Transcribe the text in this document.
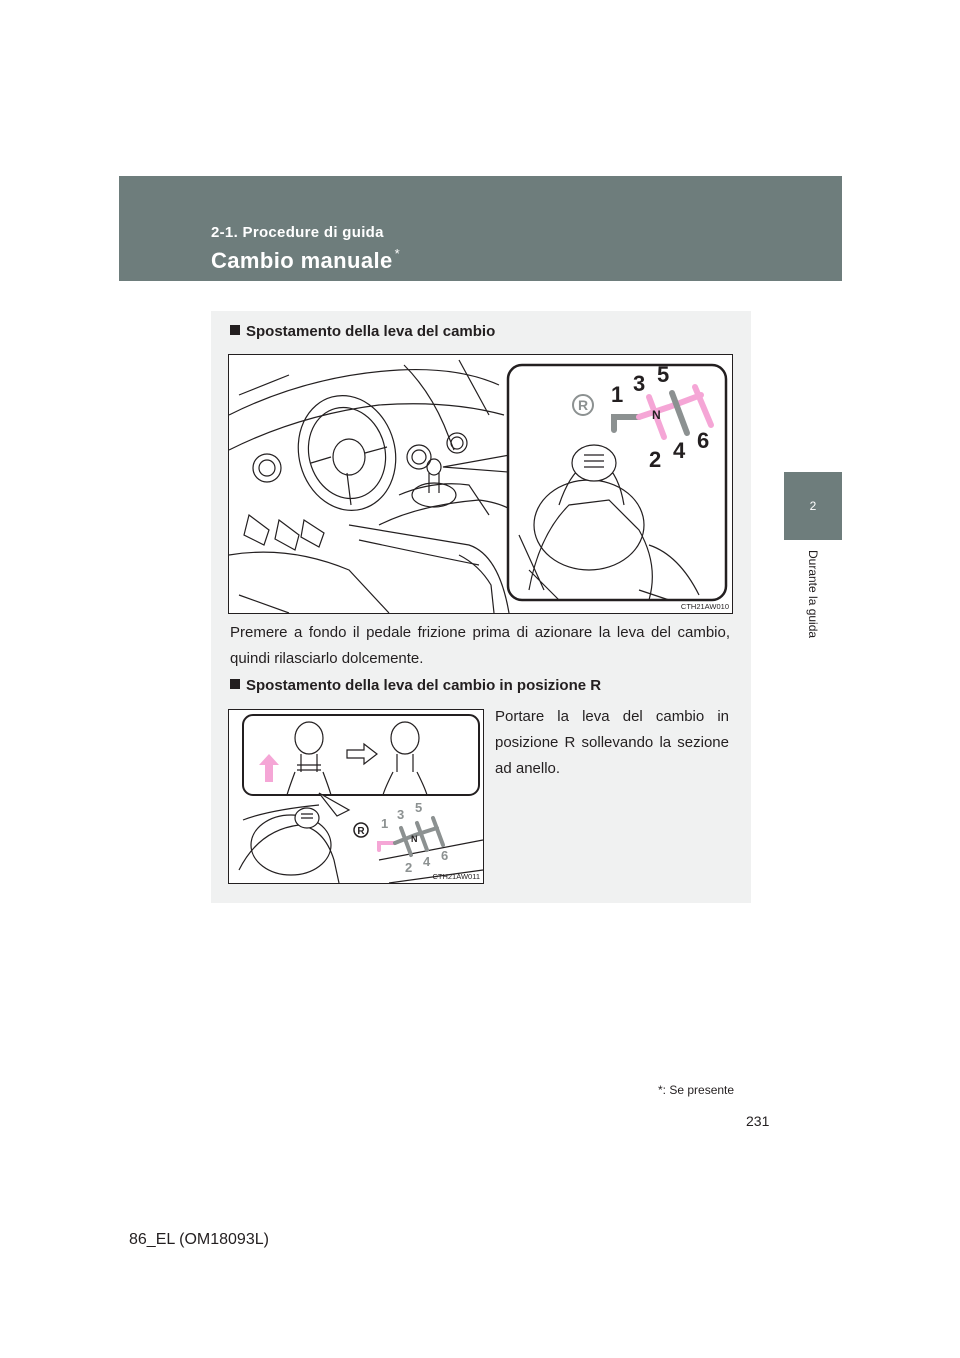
2-1. Procedure di guida
Cambio manuale *
2
Durante la guida
Spostamento della leva del cambio
R 1 3 5
N
2 4 6
CTH21AW010
Premere a fondo il pedale frizione prima di azionare la leva del cambio, quindi rilasciarlo dolcemente.
Spostamento della leva del cambio in posizione R
R
1
3 5
N
2 4 6
CTH21AW011
Portare la leva del cambio in posizione R sollevando la sezione ad anello.
*: Se presente
231
86_EL (OM18093L)
